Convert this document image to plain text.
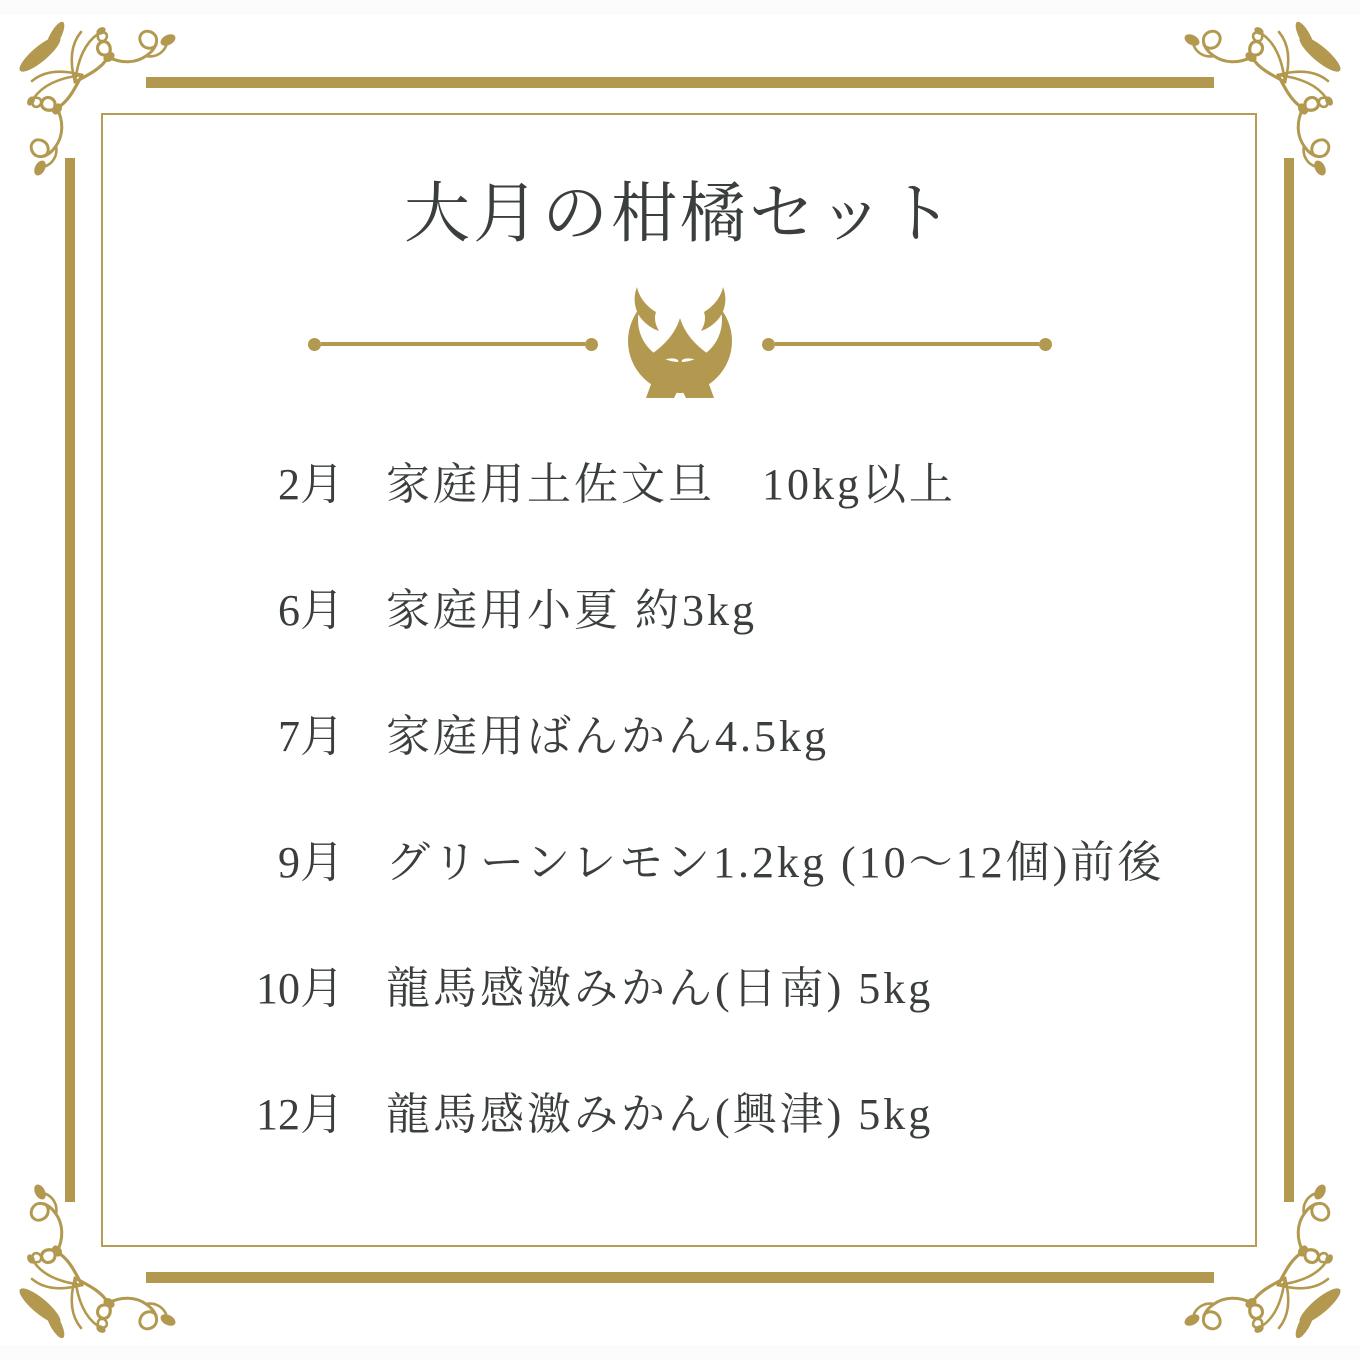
大月の柑橘セット
2月 家庭用土佐文旦　10kg以上
6月 家庭用小夏 約3kg
7月 家庭用ばんかん4.5kg
9月 グリーンレモン1.2kg (10〜12個)前後
10月 龍馬感激みかん(日南) 5kg
12月 龍馬感激みかん(興津) 5kg
